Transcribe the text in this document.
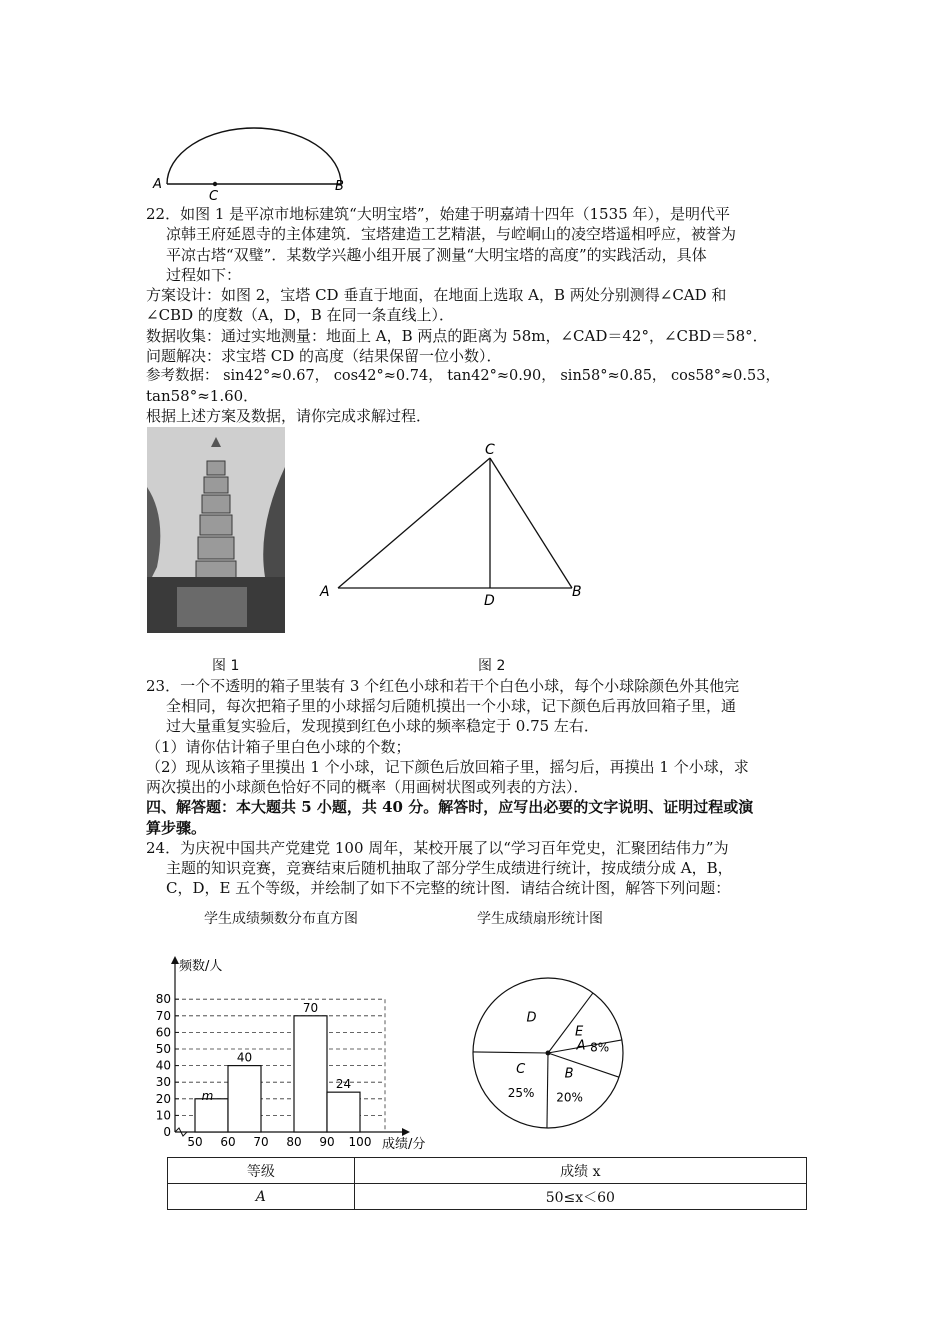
A	B
C
22．如图 1 是平凉市地标建筑“大明宝塔”，始建于明嘉靖十四年（1535 年），是明代平
凉韩王府延恩寺的主体建筑．宝塔建造工艺精湛，与崆峒山的凌空塔遥相呼应，被誉为
平凉古塔“双璧”．某数学兴趣小组开展了测量“大明宝塔的高度”的实践活动，具体
过程如下：
方案设计：如图 2，宝塔 CD 垂直于地面，在地面上选取 A，B 两处分别测得∠CAD 和
∠CBD 的度数（A，D，B 在同一条直线上）．
数据收集：通过实地测量：地面上 A，B 两点的距离为 58m，∠CAD＝42°，∠CBD＝58°．
问题解决：求宝塔 CD 的高度（结果保留一位小数）．
参考数据： sin42°≈0.67， cos42°≈0.74， tan42°≈0.90， sin58°≈0.85， cos58°≈0.53，
tan58°≈1.60．
根据上述方案及数据，请你完成求解过程．
图 1
A	B
C
D
图 2
23．一个不透明的箱子里装有 3 个红色小球和若干个白色小球，每个小球除颜色外其他完
全相同，每次把箱子里的小球摇匀后随机摸出一个小球，记下颜色后再放回箱子里，通
过大量重复实验后，发现摸到红色小球的频率稳定于 0.75 左右．
（1）请你估计箱子里白色小球的个数；
（2）现从该箱子里摸出 1 个小球，记下颜色后放回箱子里，摇匀后，再摸出 1 个小球，求
两次摸出的小球颜色恰好不同的概率（用画树状图或列表的方法）．
四、解答题：本大题共 5 小题，共 40 分。解答时，应写出必要的文字说明、证明过程或演
算步骤。
24．为庆祝中国共产党建党 100 周年，某校开展了以“学习百年党史，汇聚团结伟力”为
主题的知识竞赛，竞赛结束后随机抽取了部分学生成绩进行统计，按成绩分成 A，B，
C，D，E 五个等级，并绘制了如下不完整的统计图．请结合统计图，解答下列问题：
学生成绩频数分布直方图	学生成绩扇形统计图
0
10
20
30
40
50
60
70
80
频数/人
成绩/分
50 60 70 80 90 100
m
40
70
24
A 8%
B
20%
C
25%
D
E
等级	成绩 x
A	50≤x＜60
